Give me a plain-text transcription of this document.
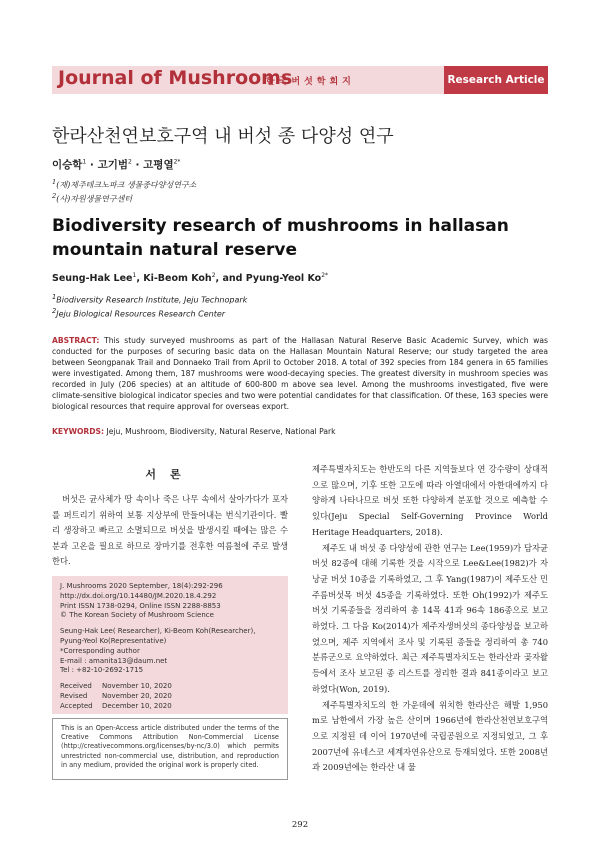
Journal of Mushrooms
한국버섯학회지	Research Article
한라산천연보호구역 내 버섯 종 다양성 연구
이승학$^1$ · 고기범$^2$ · 고평열$^{2*}$
$^1$(재)제주테크노파크 생물종다양성연구소
$^2$(사)자원생물연구센터
Biodiversity research of mushrooms in hallasan mountain natural reserve
Seung-Hak Lee$^1$, Ki-Beom Koh$^2$, and Pyung-Yeol $Ko^{2*}$
$^1$Biodiversity Research Institute, Jeju Technopark
$^2$Jeju Biological Resources Research Center
ABSTRACT: This study surveyed mushrooms as part of the Hallasan Natural Reserve Basic Academic Survey, which was conducted for the purposes of securing basic data on the Hallasan Mountain Natural Reserve; our study targeted the area between Seongpanak Trail and Donnaeko Trail from April to October 2018. A total of 392 species from 184 genera in 65 families were investigated. Among them, 187 mushrooms were wood-decaying species. The greatest diversity in mushroom species was recorded in July (206 species) at an altitude of 600-800 m above sea level. Among the mushrooms investigated, five were climate-sensitive biological indicator species and two were potential candidates for that classification. Of these, 163 species were biological resources that require approval for overseas export.
KEYWORDS: Jeju, Mushroom, Biodiversity, Natural Reserve, National Park
서론
버섯은 균사체가 땅 속이나 죽은 나무 속에서 살아가다가 포자를 퍼트리기 위하여 보통 지상부에 만들어내는 번식기관이다. 빨리 생장하고 빠르고 소멸되므로 버섯을 발생시킬 때에는 많은 수분과 고온을 필요로 하므로 장마기를 전후한 여름철에 주로 발생한다.
J. Mushrooms 2020 September, 18(4):292-296
http://dx.doi.org/10.14480/JM.2020.18.4.292
Print ISSN 1738-0294, Online ISSN 2288-8853
© The Korean Society of Mushroom Science
Seung-Hak Lee( Researcher), Ki-Beom Koh(Researcher), Pyung-Yeol Ko(Representative)
*Corresponding author
E-mail : amanita13@daum.net
Tel : +82-10-2692-1715
Received	November 10, 2020
Revised	November 20, 2020
Accepted	December 10, 2020
This is an Open-Access article distributed under the terms of the Creative Commons Attribution Non-Commercial License (http://creativecommons.org/licenses/by-nc/3.0) which permits unrestricted non-commercial use, distribution, and reproduction in any medium, provided the original work is properly cited.

제주특별자치도는 한반도의 다른 지역들보다 연 강수량이 상대적으로 많으며, 기후 또한 고도에 따라 아열대에서 아한대에까지 다양하게 나타나므로 버섯 또한 다양하게 분포할 것으로 예측할 수 있다(Jeju Special Self-Governing Province World Heritage Headquarters, 2018).

제주도 내 버섯 종 다양성에 관한 연구는 Lee(1959)가 담자균버섯 82종에 대해 기록한 것을 시작으로 Lee&Lee(1982)가 자낭균 버섯 10종을 기록하였고, 그 후 Yang(1987)이 제주도산 민주름버섯목 버섯 45종을 기록하였다. 또한 Oh(1992)가 제주도 버섯 기록종들을 정리하여 총 14목 41과 96속 186종으로 보고하였다. 그 다음 Ko(2014)가 제주자생버섯의 종다양성을 보고하였으며, 제주 지역에서 조사 및 기록된 종들을 정리하여 총 740 분류군으로 요약하였다. 최근 제주특별자치도는 한라산과 곶자왈 등에서 조사 보고된 종 리스트를 정리한 결과 841종이라고 보고하였다(Won, 2019).

제주특별자치도의 한 가운데에 위치한 한라산은 해발 1,950 m로 남한에서 가장 높은 산이며 1966년에 한라산천연보호구역으로 지정된 데 이어 1970년에 국립공원으로 지정되었고, 그 후 2007년에 유네스코 세계자연유산으로 등재되었다. 또한 2008년과 2009년에는 한라산 내 물

292
